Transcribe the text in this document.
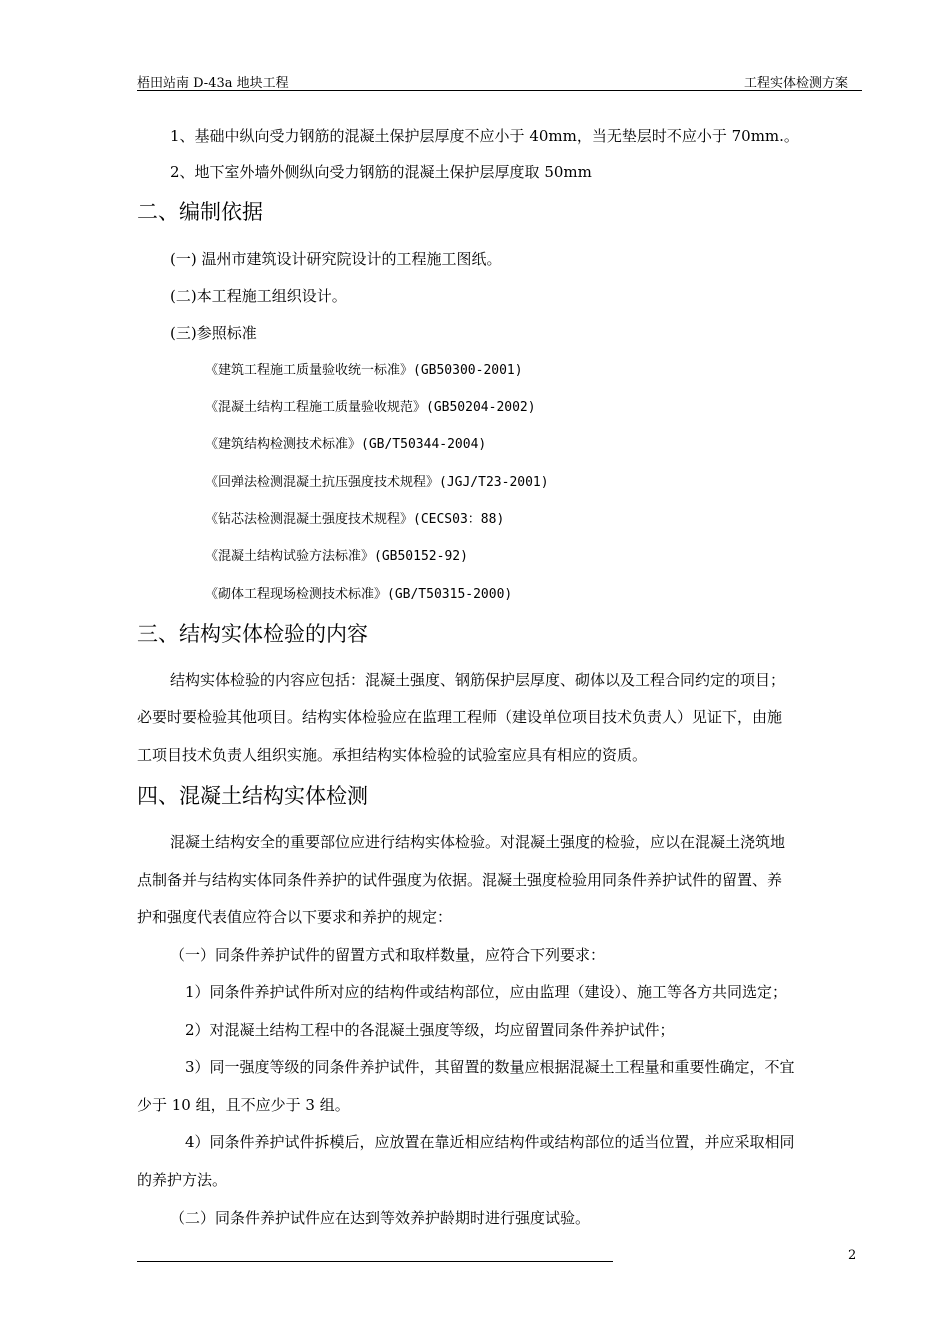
梧田站南 D-43a 地块工程	工程实体检测方案
1、基础中纵向受力钢筋的混凝土保护层厚度不应小于 40mm，当无垫层时不应小于 70mm.。
2、地下室外墙外侧纵向受力钢筋的混凝土保护层厚度取 50mm
二、编制依据
(一) 温州市建筑设计研究院设计的工程施工图纸。
(二)本工程施工组织设计。
(三)参照标准
《建筑工程施工质量验收统一标准》(GB50300-2001)
《混凝土结构工程施工质量验收规范》(GB50204-2002)
《建筑结构检测技术标准》(GB/T50344-2004)
《回弹法检测混凝土抗压强度技术规程》(JGJ/T23-2001)
《钻芯法检测混凝土强度技术规程》(CECS03：88)
《混凝土结构试验方法标准》(GB50152-92)
《砌体工程现场检测技术标准》(GB/T50315-2000)
三、结构实体检验的内容
结构实体检验的内容应包括：混凝土强度、钢筋保护层厚度、砌体以及工程合同约定的项目；
必要时要检验其他项目。结构实体检验应在监理工程师（建设单位项目技术负责人）见证下，由施
工项目技术负责人组织实施。承担结构实体检验的试验室应具有相应的资质。
四、混凝土结构实体检测
混凝土结构安全的重要部位应进行结构实体检验。对混凝土强度的检验，应以在混凝土浇筑地
点制备并与结构实体同条件养护的试件强度为依据。混凝土强度检验用同条件养护试件的留置、养
护和强度代表值应符合以下要求和养护的规定：
（一）同条件养护试件的留置方式和取样数量，应符合下列要求：
1）同条件养护试件所对应的结构件或结构部位，应由监理（建设）、施工等各方共同选定；
2）对混凝土结构工程中的各混凝土强度等级，均应留置同条件养护试件；
3）同一强度等级的同条件养护试件，其留置的数量应根据混凝土工程量和重要性确定，不宜
少于 10 组，且不应少于 3 组。
4）同条件养护试件拆模后，应放置在靠近相应结构件或结构部位的适当位置，并应采取相同
的养护方法。
（二）同条件养护试件应在达到等效养护龄期时进行强度试验。
2
